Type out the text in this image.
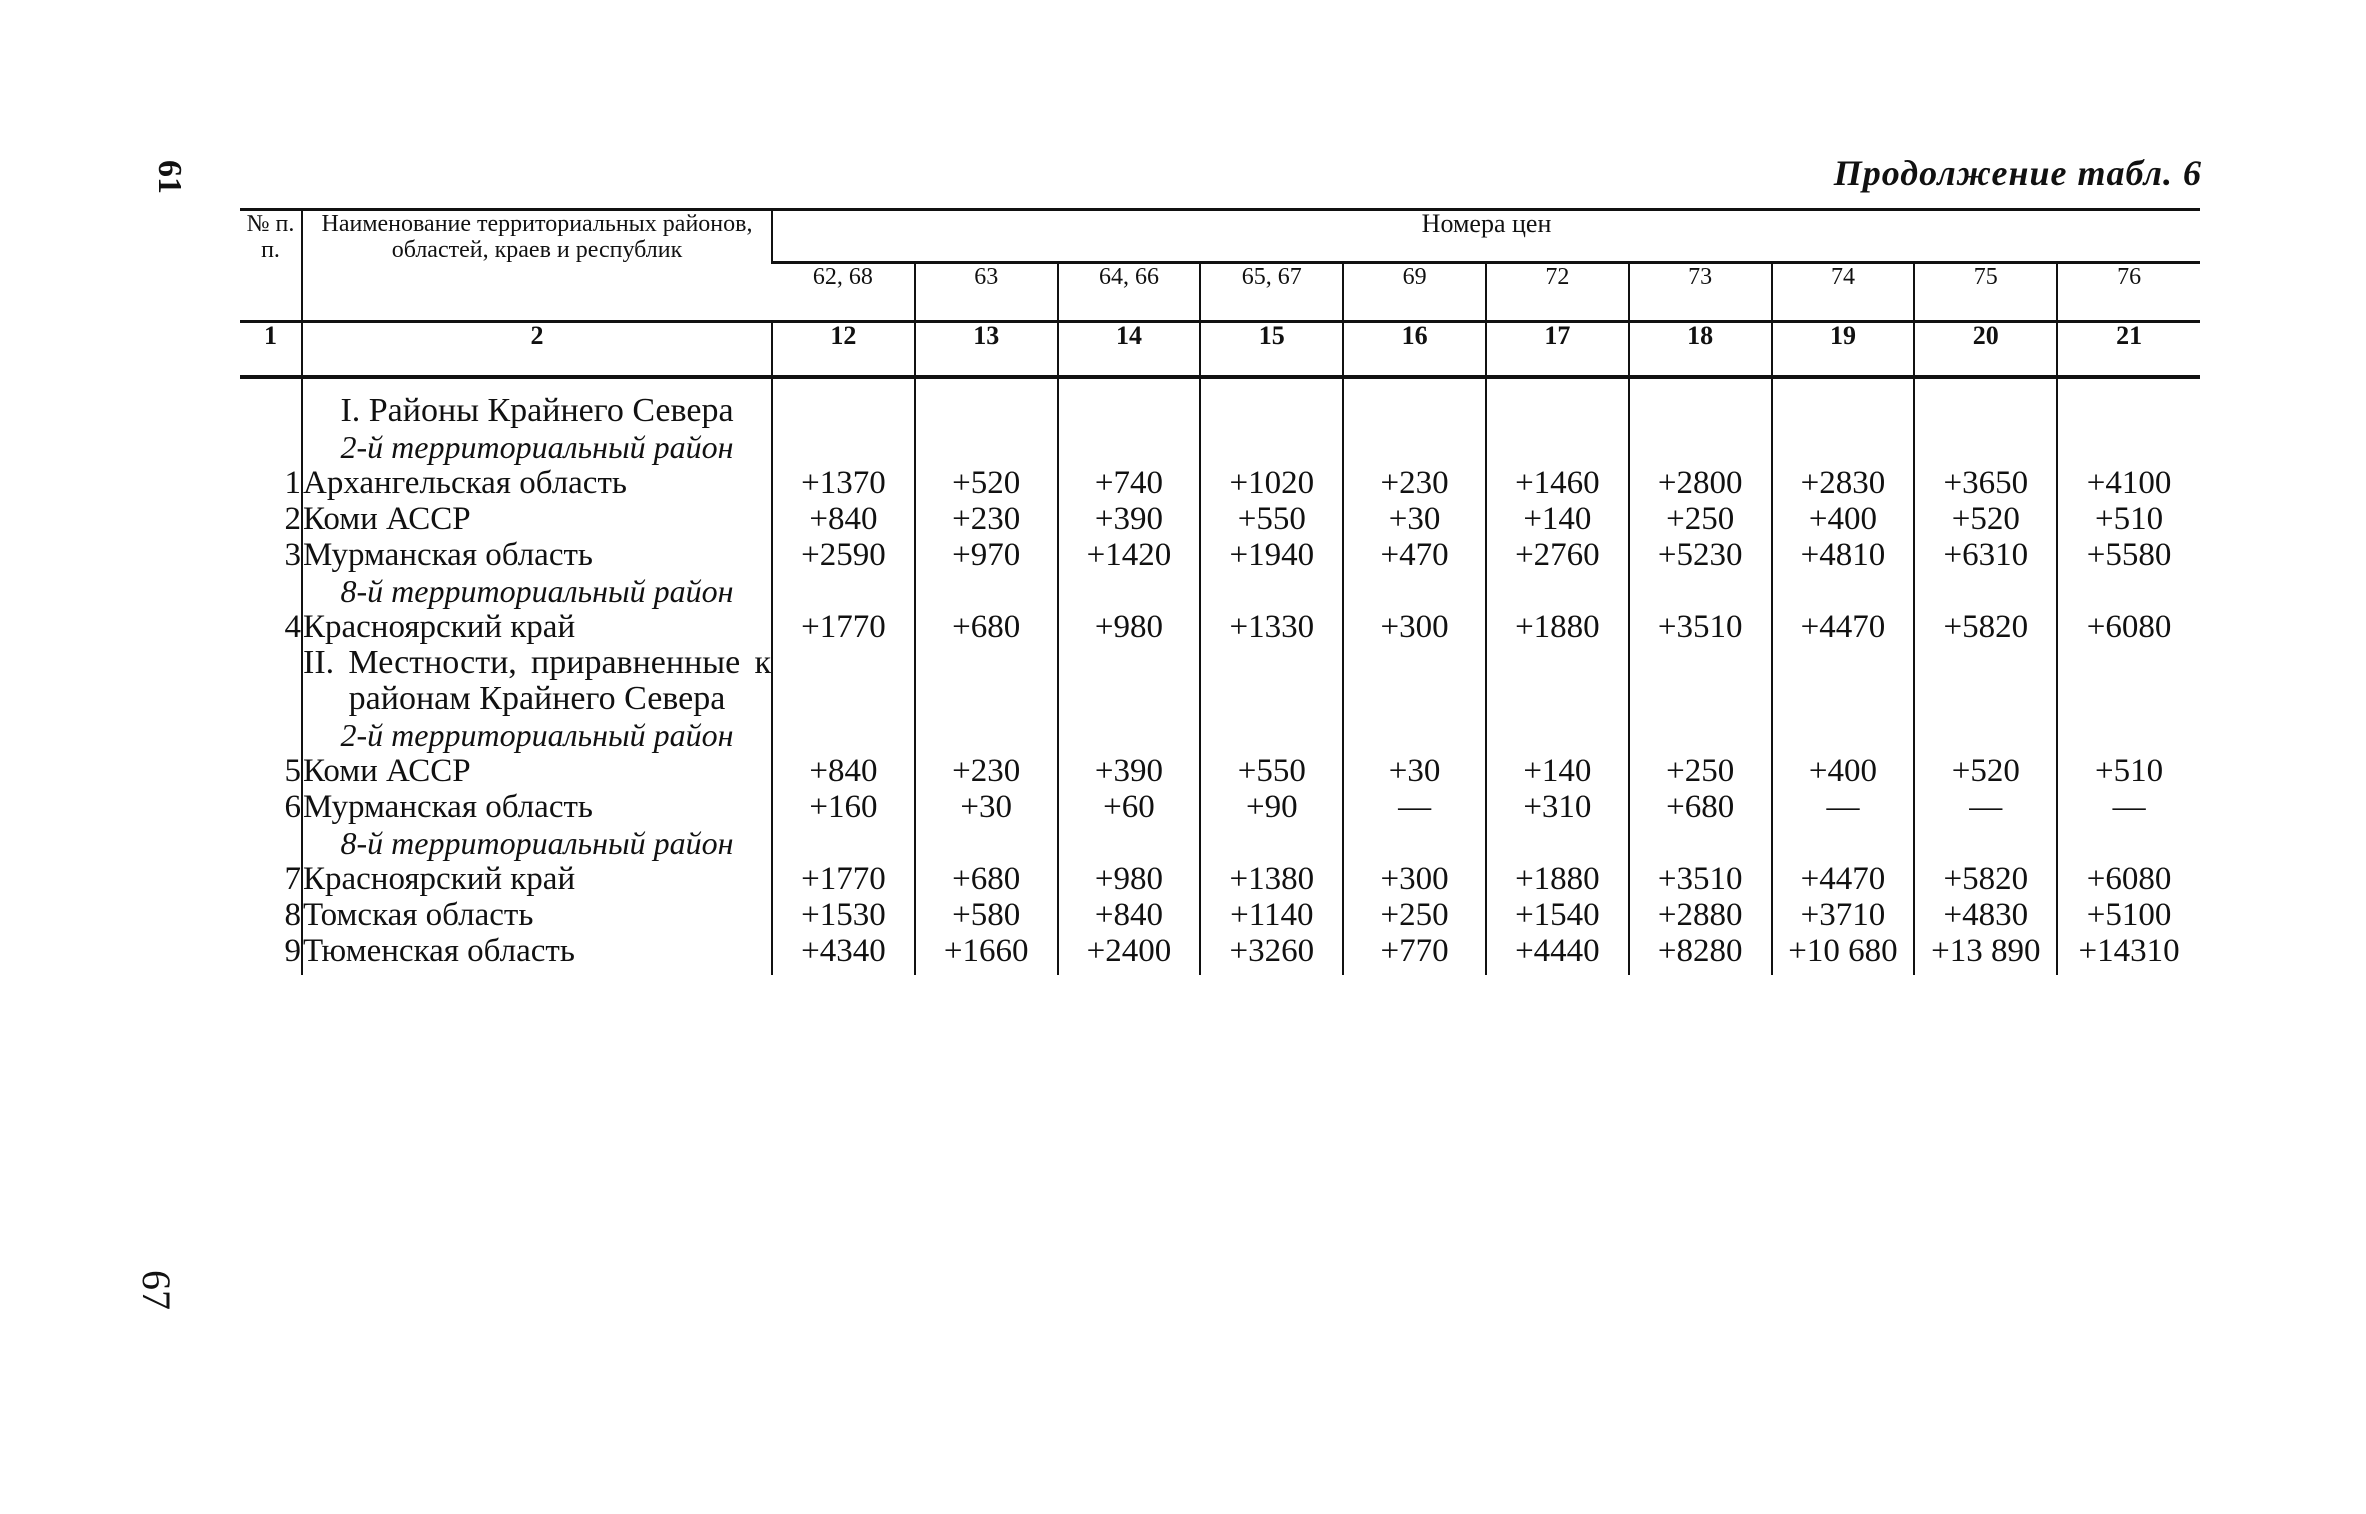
61
67
Продолжение табл. 6
№ п. п.	Наименование территориальных районов, областей, краев и республик	Номера цен									
		62, 68	63	64, 66	65, 67	69	72	73	74	75	76
1	2	12	13	14	15	16	17	18	19	20	21
	I. Районы Крайнего Севера										
	2-й территориальный район										
1	Архангельская область	+1370	+520	+740	+1020	+230	+1460	+2800	+2830	+3650	+4100
2	Коми АССР	+840	+230	+390	+550	+30	+140	+250	+400	+520	+510
3	Мурманская область	+2590	+970	+1420	+1940	+470	+2760	+5230	+4810	+6310	+5580
	8-й территориальный район										
4	Красноярский край	+1770	+680	+980	+1330	+300	+1880	+3510	+4470	+5820	+6080
	II. Местности, приравненные к районам Крайнего Севера										
	2-й территориальный район										
5	Коми АССР	+840	+230	+390	+550	+30	+140	+250	+400	+520	+510
6	Мурманская область	+160	+30	+60	+90	—	+310	+680	—	—	—
	8-й территориальный район										
7	Красноярский край	+1770	+680	+980	+1380	+300	+1880	+3510	+4470	+5820	+6080
8	Томская область	+1530	+580	+840	+1140	+250	+1540	+2880	+3710	+4830	+5100
9	Тюменская область	+4340	+1660	+2400	+3260	+770	+4440	+8280	+10 680	+13 890	+14310
